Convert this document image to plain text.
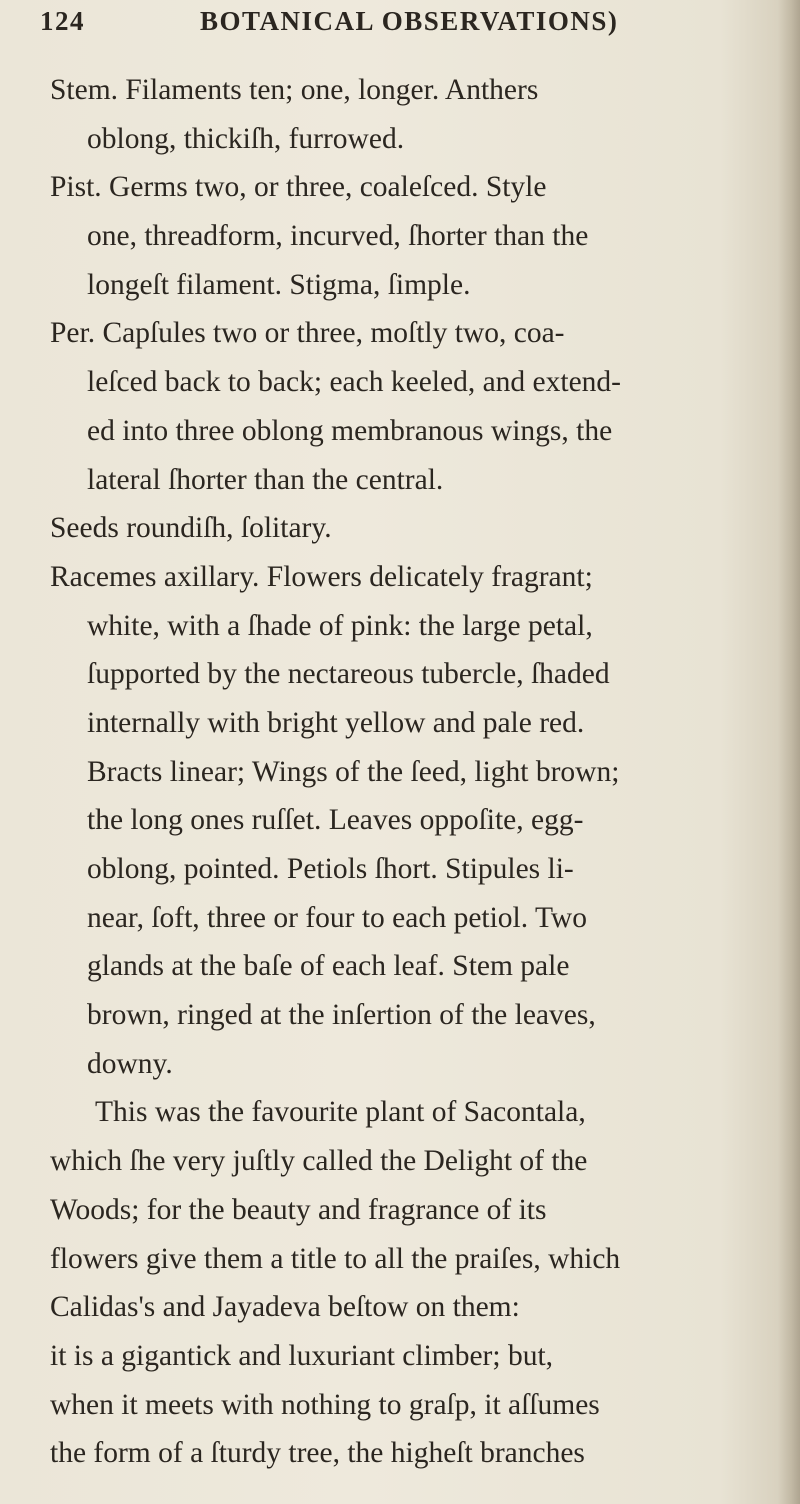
124	BOTANICAL OBSERVATIONS)
Stem. Filaments ten; one, longer. Anthers
oblong, thickiſh, furrowed.
Pist. Germs two, or three, coaleſced. Style
one, threadform, incurved, ſhorter than the
longeſt filament. Stigma, ſimple.
Per. Capſules two or three, moſtly two, coa-
leſced back to back; each keeled, and extend-
ed into three oblong membranous wings, the
lateral ſhorter than the central.
Seeds roundiſh, ſolitary.
Racemes axillary. Flowers delicately fragrant;
white, with a ſhade of pink: the large petal,
ſupported by the nectareous tubercle, ſhaded
internally with bright yellow and pale red.
Bracts linear; Wings of the ſeed, light brown;
the long ones ruſſet. Leaves oppoſite, egg-
oblong, pointed. Petiols ſhort. Stipules li-
near, ſoft, three or four to each petiol. Two
glands at the baſe of each leaf. Stem pale
brown, ringed at the inſertion of the leaves,
downy.
This was the favourite plant of Sacontala,
which ſhe very juſtly called the Delight of the
Woods; for the beauty and fragrance of its
flowers give them a title to all the praiſes, which
Calidas's and Jayadeva beſtow on them:
it is a gigantick and luxuriant climber; but,
when it meets with nothing to graſp, it aſſumes
the form of a ſturdy tree, the higheſt branches
